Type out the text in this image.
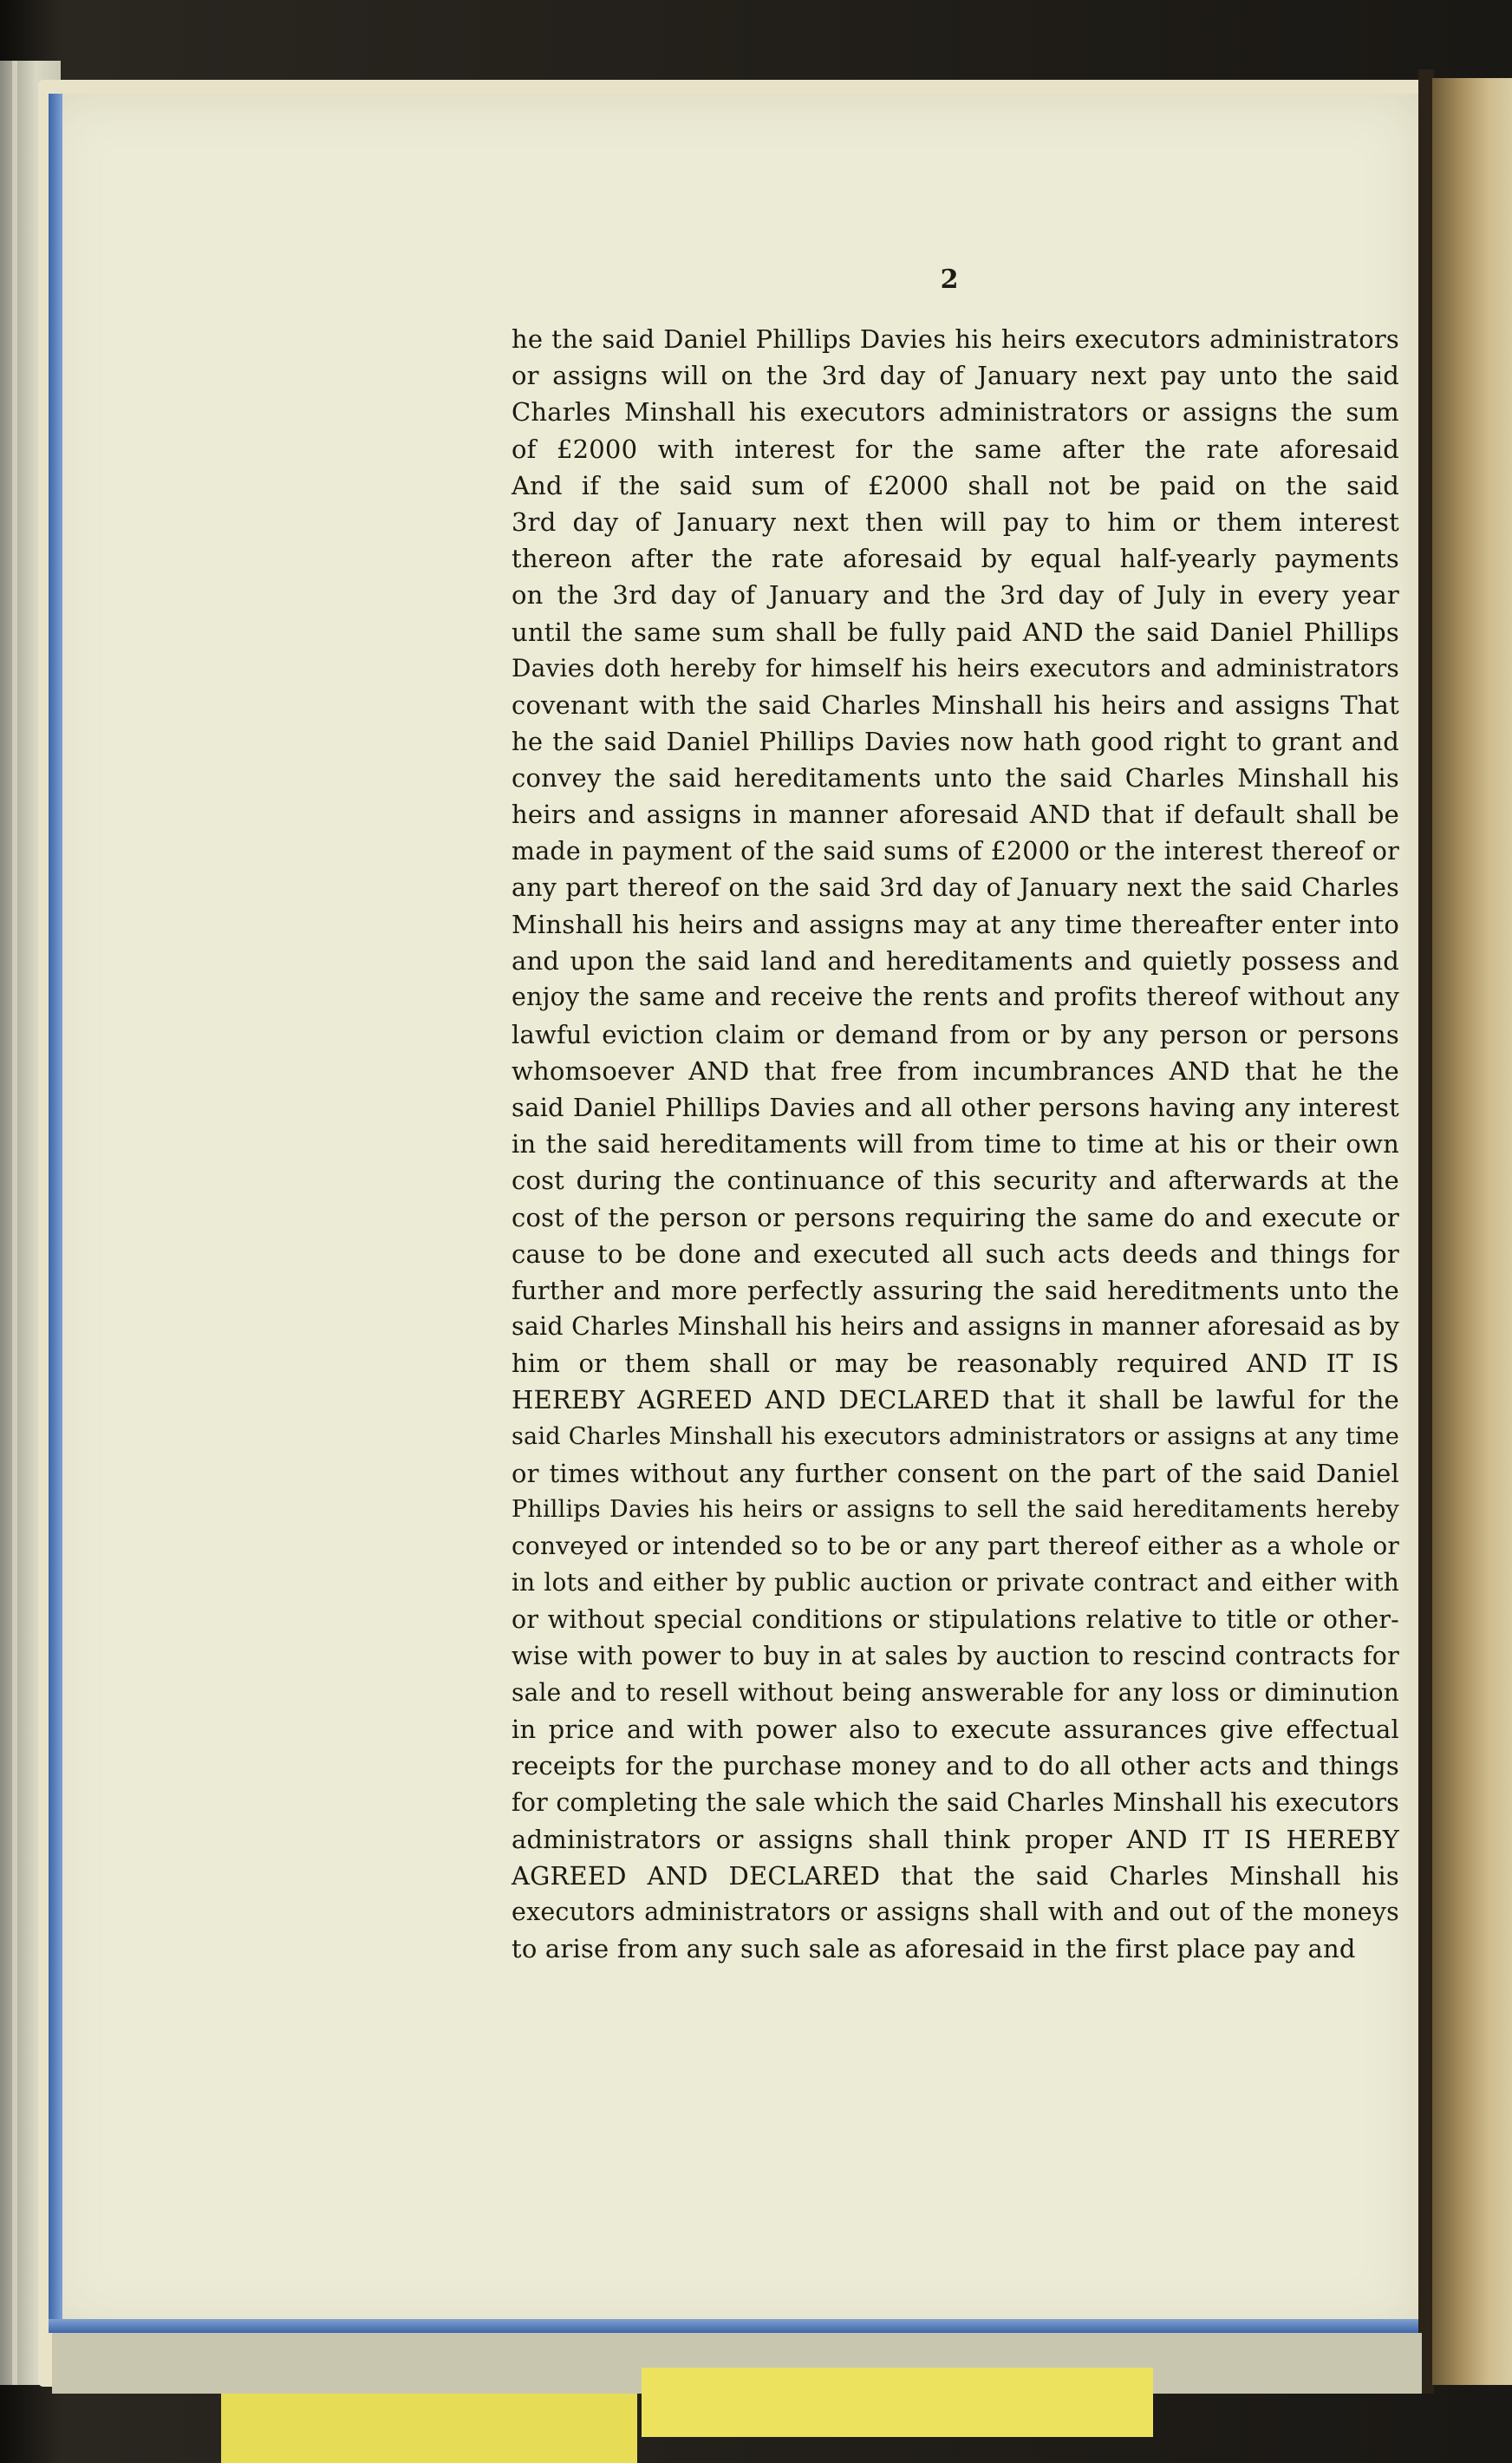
2
he the said Daniel Phillips Davies his heirs executors administrators
or assigns will on the 3rd day of January next pay unto the said
Charles Minshall his executors administrators or assigns the sum
of £2000 with interest for the same after the rate aforesaid
And if the said sum of £2000 shall not be paid on the said
3rd day of January next then will pay to him or them interest
thereon after the rate aforesaid by equal half-yearly payments
on the 3rd day of January and the 3rd day of July in every year
until the same sum shall be fully paid AND the said Daniel Phillips
Davies doth hereby for himself his heirs executors and administrators
covenant with the said Charles Minshall his heirs and assigns That
he the said Daniel Phillips Davies now hath good right to grant and
convey the said hereditaments unto the said Charles Minshall his
heirs and assigns in manner aforesaid AND that if default shall be
made in payment of the said sums of £2000 or the interest thereof or
any part thereof on the said 3rd day of January next the said Charles
Minshall his heirs and assigns may at any time thereafter enter into
and upon the said land and hereditaments and quietly possess and
enjoy the same and receive the rents and profits thereof without any
lawful eviction claim or demand from or by any person or persons
whomsoever AND that free from incumbrances AND that he the
said Daniel Phillips Davies and all other persons having any interest
in the said hereditaments will from time to time at his or their own
cost during the continuance of this security and afterwards at the
cost of the person or persons requiring the same do and execute or
cause to be done and executed all such acts deeds and things for
further and more perfectly assuring the said hereditments unto the
said Charles Minshall his heirs and assigns in manner aforesaid as by
him or them shall or may be reasonably required AND IT IS
HEREBY AGREED AND DECLARED that it shall be lawful for the
said Charles Minshall his executors administrators or assigns at any time
or times without any further consent on the part of the said Daniel
Phillips Davies his heirs or assigns to sell the said hereditaments hereby
conveyed or intended so to be or any part thereof either as a whole or
in lots and either by public auction or private contract and either with
or without special conditions or stipulations relative to title or other-
wise with power to buy in at sales by auction to rescind contracts for
sale and to resell without being answerable for any loss or diminution
in price and with power also to execute assurances give effectual
receipts for the purchase money and to do all other acts and things
for completing the sale which the said Charles Minshall his executors
administrators or assigns shall think proper AND IT IS HEREBY
AGREED AND DECLARED that the said Charles Minshall his
executors administrators or assigns shall with and out of the moneys
to arise from any such sale as aforesaid in the first place pay and
